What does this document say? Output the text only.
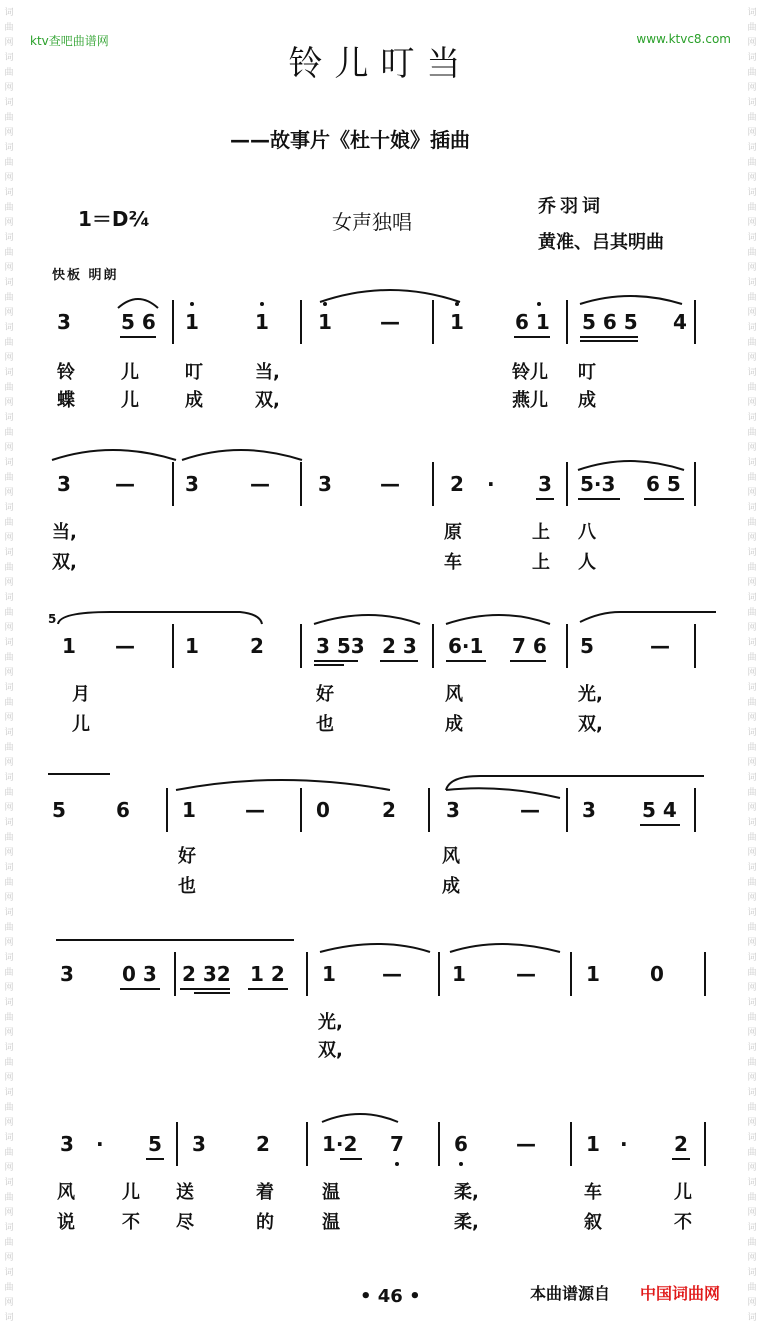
词
曲
网
词
曲
网
词
曲
网
词
曲
网
词
曲
网
词
曲
网
词
曲
网
词
曲
网
词
曲
网
词
曲
网
词
曲
网
词
曲
网
词
曲
网
词
曲
网
词
曲
网
词
曲
网
词
曲
网
词
曲
网
词
曲
网
词
曲
网
词
曲
网
词
曲
网
词
曲
网
词
曲
网
词
曲
网
词
曲
网
词
曲
网
词
曲
网
词
曲
网
词
词
曲
网
词
曲
网
词
曲
网
词
曲
网
词
曲
网
词
曲
网
词
曲
网
词
曲
网
词
曲
网
词
曲
网
词
曲
网
词
曲
网
词
曲
网
词
曲
网
词
曲
网
词
曲
网
词
曲
网
词
曲
网
词
曲
网
词
曲
网
词
曲
网
词
曲
网
词
曲
网
词
曲
网
词
曲
网
词
曲
网
词
曲
网
词
曲
网
词
曲
网
词
ktv查吧曲谱网	www.ktvc8.com
铃儿叮当
——故事片《杜十娘》插曲
1＝D²⁄₄	女声独唱
乔羽词
黄准、吕其明曲
快板 明朗
3	5 6 1	1 1 —	1	6 1 5 6 5 4
铃	儿	叮	当,	铃儿 叮
蝶	儿	成	双,	燕儿 成
3 —	3	— 3 —	2 · 3 5·3 6 5
当,	原	上 八
双,	车	上 人
5
1 —	1	2	3 53 2 3 6·1 7 6 5	—
月	好	风	光,
儿	也	成	双,
5	6	1 —	0	2	3	— 3 5 4
好	风
也	成
3 0 3 2 32 1 2 1 —	1	—	1	0
光,
双,
3 · 5 3	2	1·2 7	6 —	1 · 2
风	儿送 着	温	柔,	车	儿
说	不尽 的	温	柔,	叙	不
• 46 •	本曲谱源自 中国词曲网
